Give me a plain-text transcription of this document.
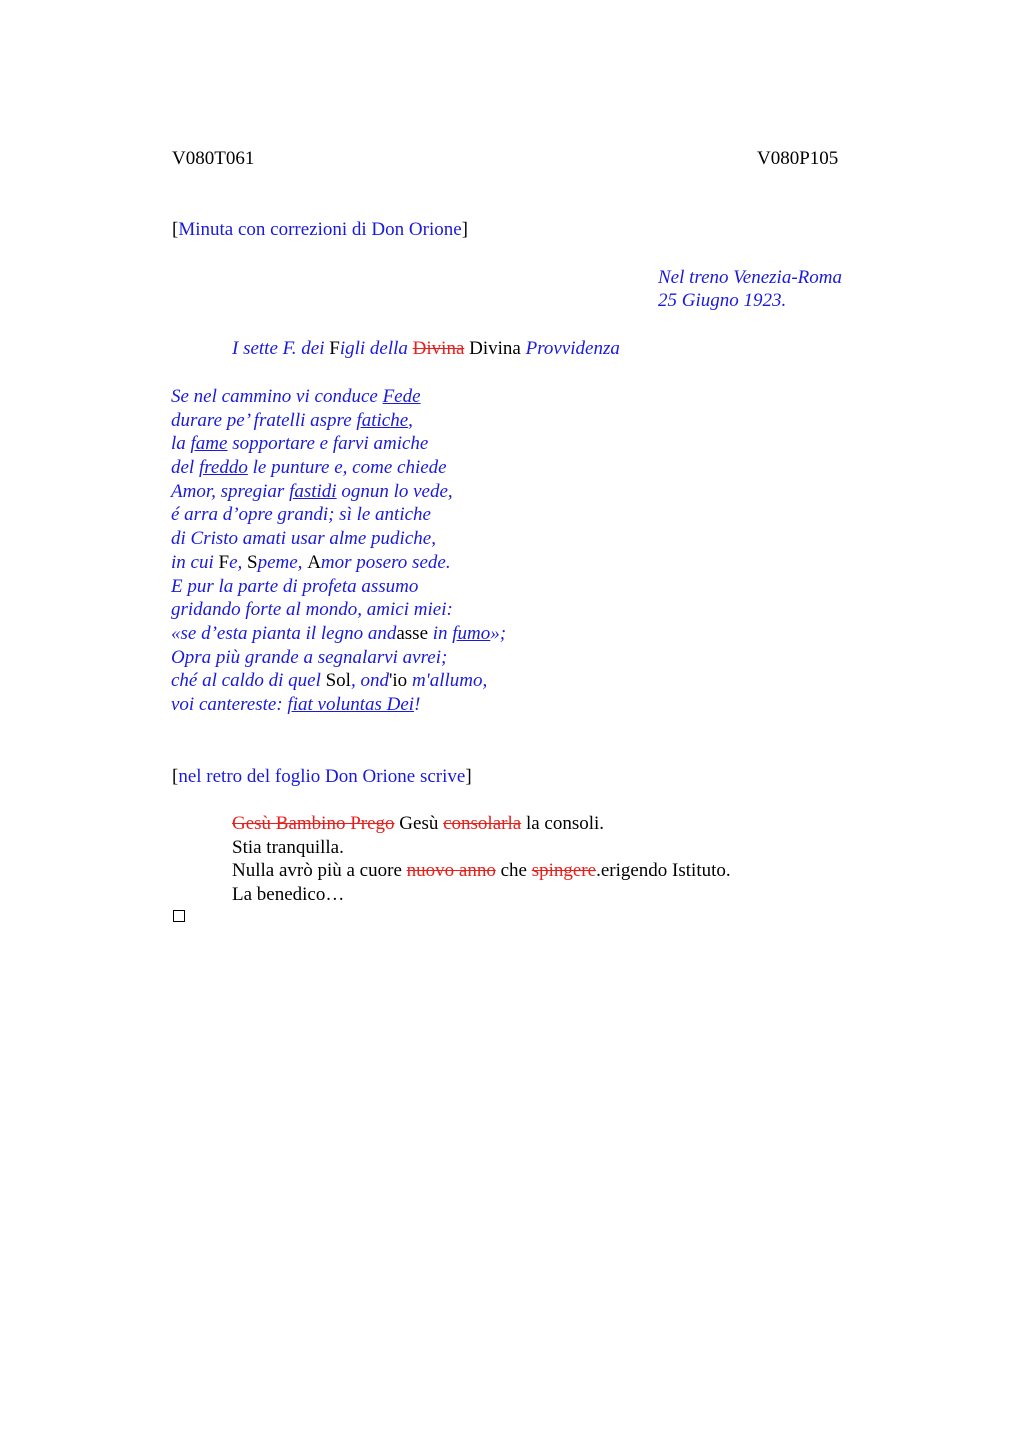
V080T061	V080P105
[Minuta con correzioni di Don Orione]
Nel treno Venezia-Roma
25 Giugno 1923.
I sette F. dei Figli della Divina Divina Provvidenza
Se nel cammino vi conduce Fede
durare pe’ fratelli aspre fatiche,
la fame sopportare e farvi amiche
del freddo le punture e, come chiede
Amor, spregiar fastidi ognun lo vede,
é arra d’opre grandi; sì le antiche
di Cristo amati usar alme pudiche,
in cui Fe, Speme, Amor posero sede.
E pur la parte di profeta assumo
gridando forte al mondo, amici miei:
«se d’esta pianta il legno andasse in fumo»;
Opra più grande a segnalarvi avrei;
ché al caldo di quel Sol, ond'io m'allumo,
voi cantereste: fiat voluntas Dei!
[nel retro del foglio Don Orione scrive]
Gesù Bambino Prego Gesù consolarla la consoli.
Stia tranquilla.
Nulla avrò più a cuore nuovo anno che spingere.erigendo Istituto.
La benedico…
